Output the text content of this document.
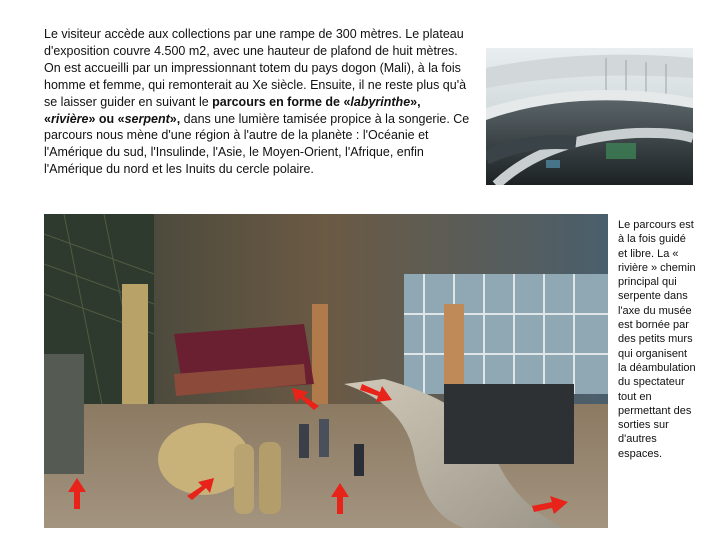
Le visiteur accède aux collections par une rampe de 300 mètres. Le plateau d'exposition couvre 4.500 m2, avec une hauteur de plafond de huit mètres. On est accueilli par un impressionnant totem du pays dogon (Mali), à la fois homme et femme, qui remonterait au Xe siècle. Ensuite, il ne reste plus qu'à se laisser guider en suivant le parcours en forme de «labyrinthe», «rivière» ou «serpent», dans une lumière tamisée propice à la songerie. Ce parcours nous mène d'une région à l'autre de la planète : l'Océanie et l'Amérique du sud, l'Insulinde, l'Asie, le Moyen-Orient, l'Afrique, enfin l'Amérique du nord et les Inuits du cercle polaire.

Le parcours est à la fois guidé et libre. La « rivière » chemin principal qui serpente dans l'axe du musée est bornée par des petits murs qui organisent la déambulation du spectateur tout en permettant des sorties sur d'autres espaces.
